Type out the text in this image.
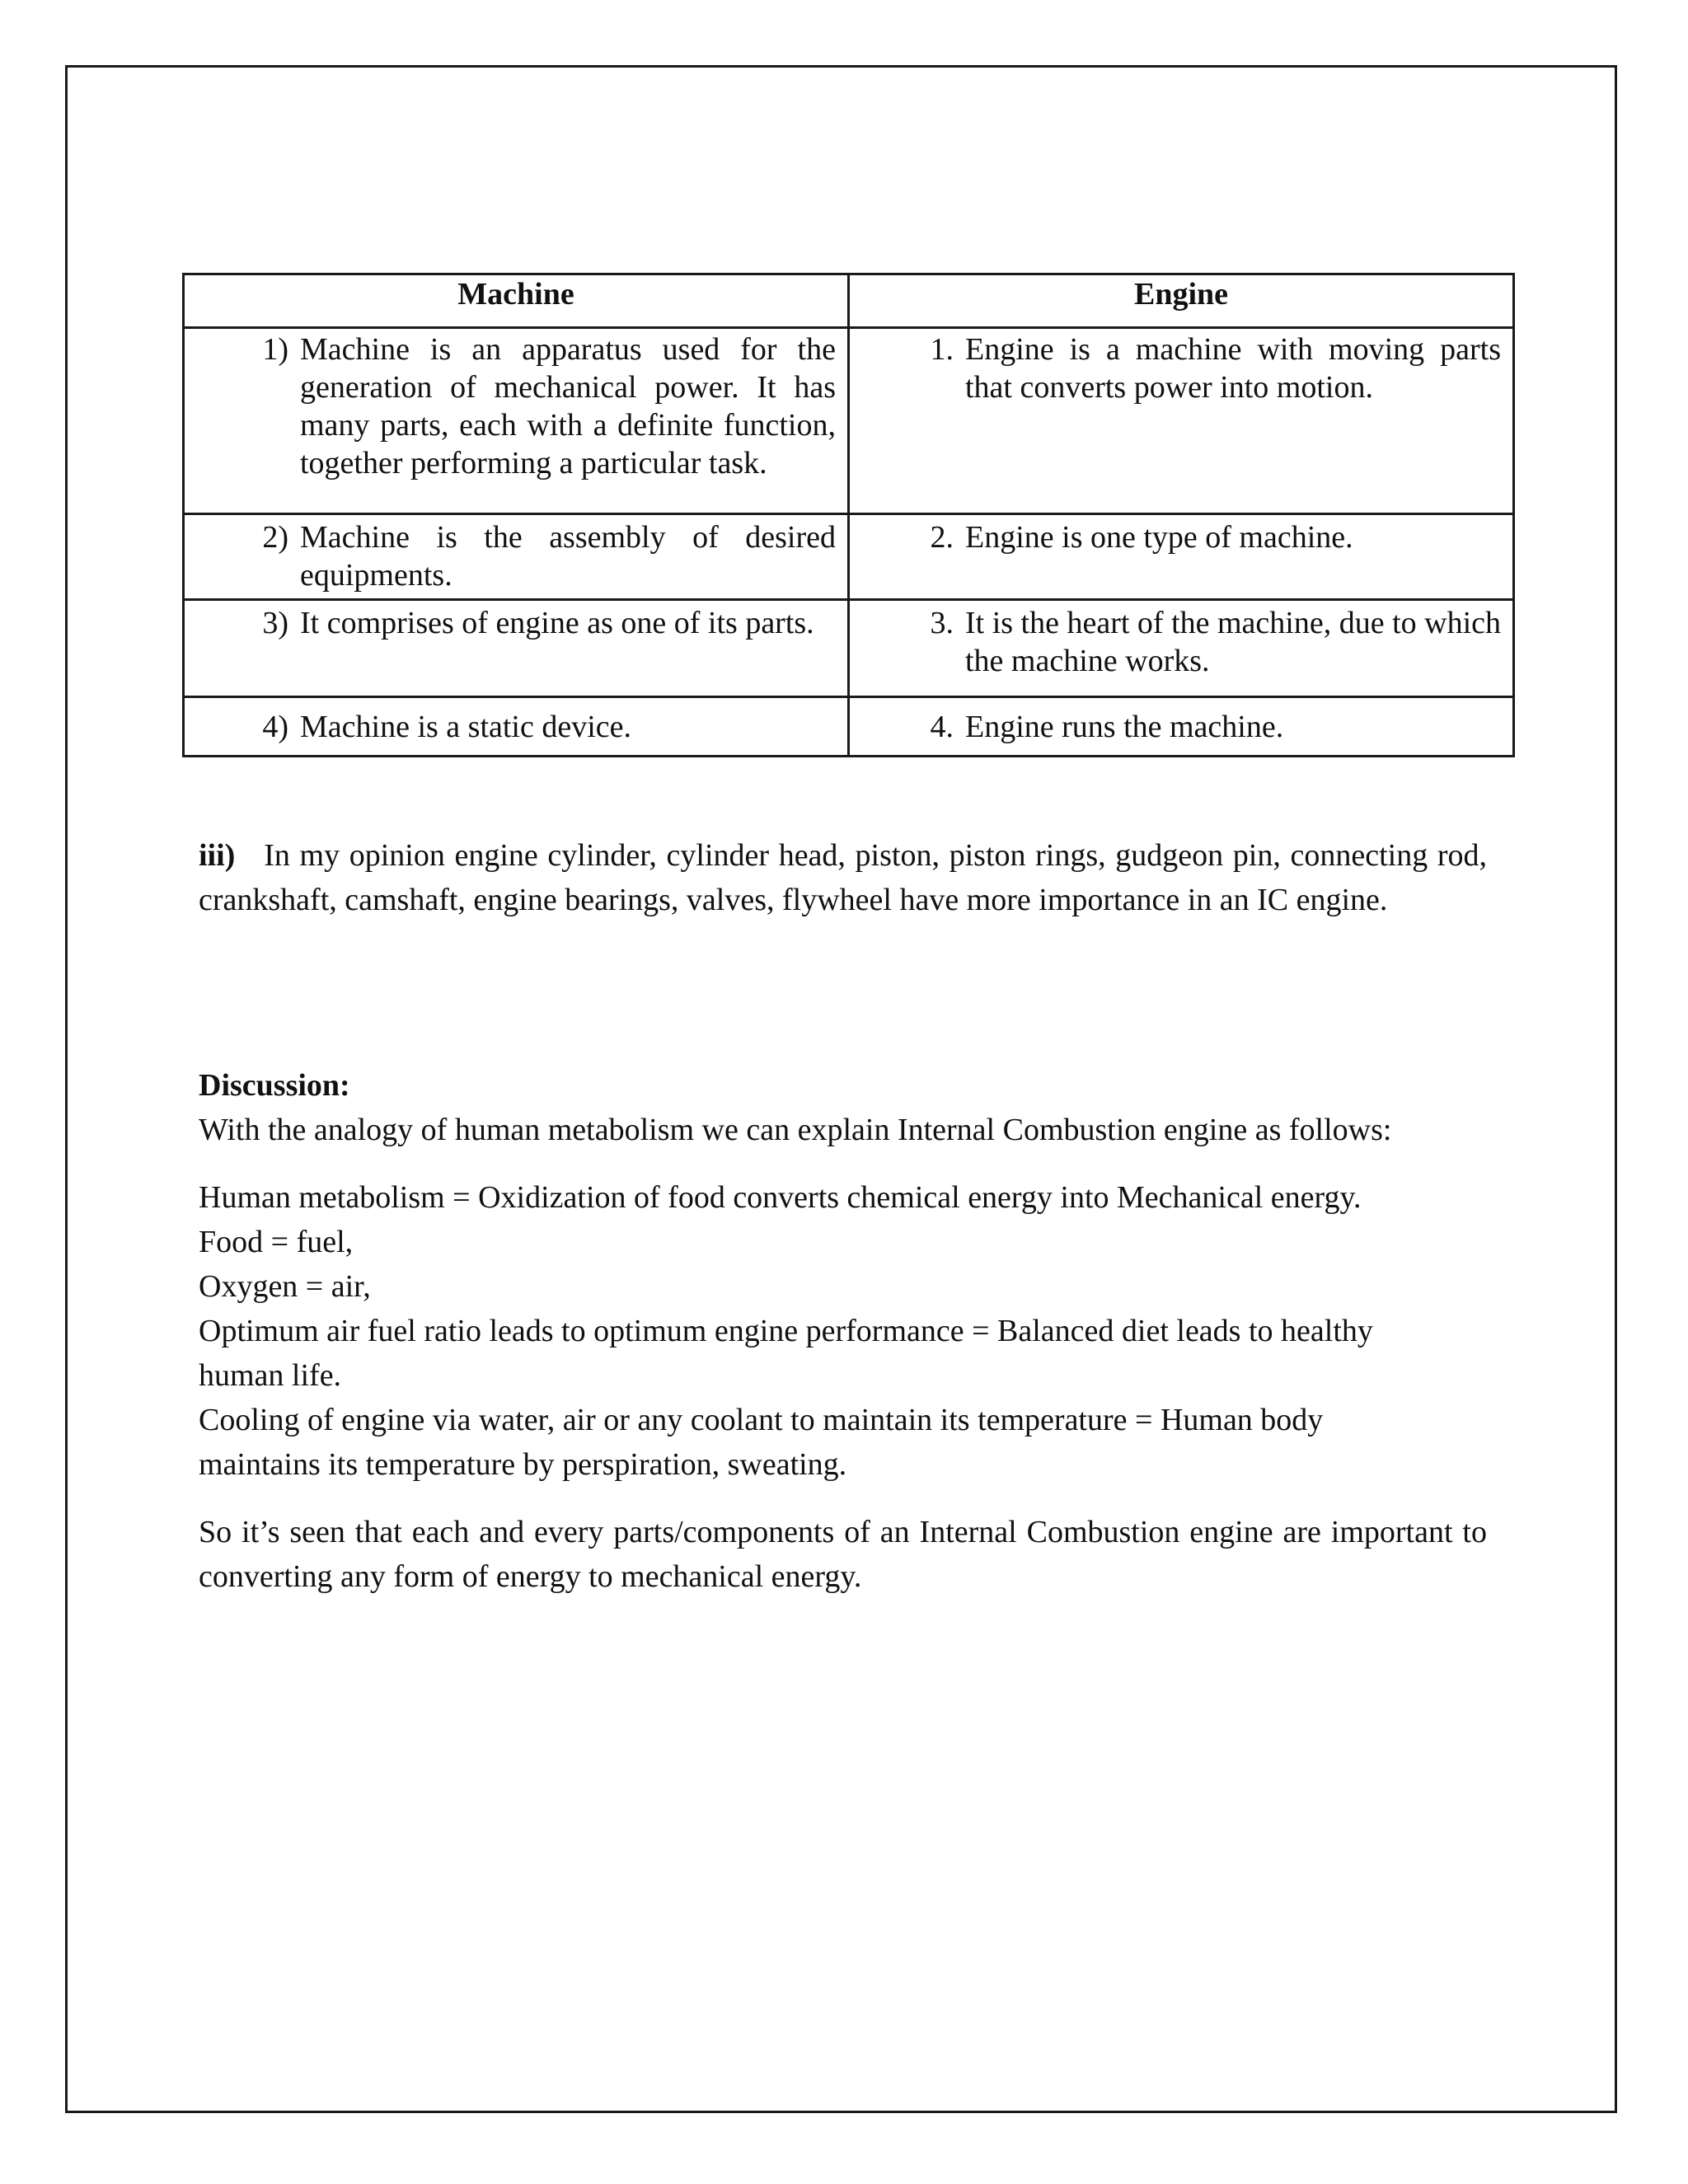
Machine	Engine

1) Machine is an apparatus used for the generation of mechanical power. It has many parts, each with a definite function, together performing a particular task.	1. Engine is a machine with moving parts that converts power into motion.

2) Machine is the assembly of desired equipments.	2. Engine is one type of machine.

3) It comprises of engine as one of its parts.	3. It is the heart of the machine, due to which the machine works.

4) Machine is a static device.	4. Engine runs the machine.

iii) In my opinion engine cylinder, cylinder head, piston, piston rings, gudgeon pin, connecting rod, crankshaft, camshaft, engine bearings, valves, flywheel have more importance in an IC engine.

Discussion:
With the analogy of human metabolism we can explain Internal Combustion engine as follows:
Human metabolism = Oxidization of food converts chemical energy into Mechanical energy.
Food = fuel,
Oxygen = air,
Optimum air fuel ratio leads to optimum engine performance = Balanced diet leads to healthy human life.
Cooling of engine via water, air or any coolant to maintain its temperature = Human body maintains its temperature by perspiration, sweating.

So it’s seen that each and every parts/components of an Internal Combustion engine are important to converting any form of energy to mechanical energy.
